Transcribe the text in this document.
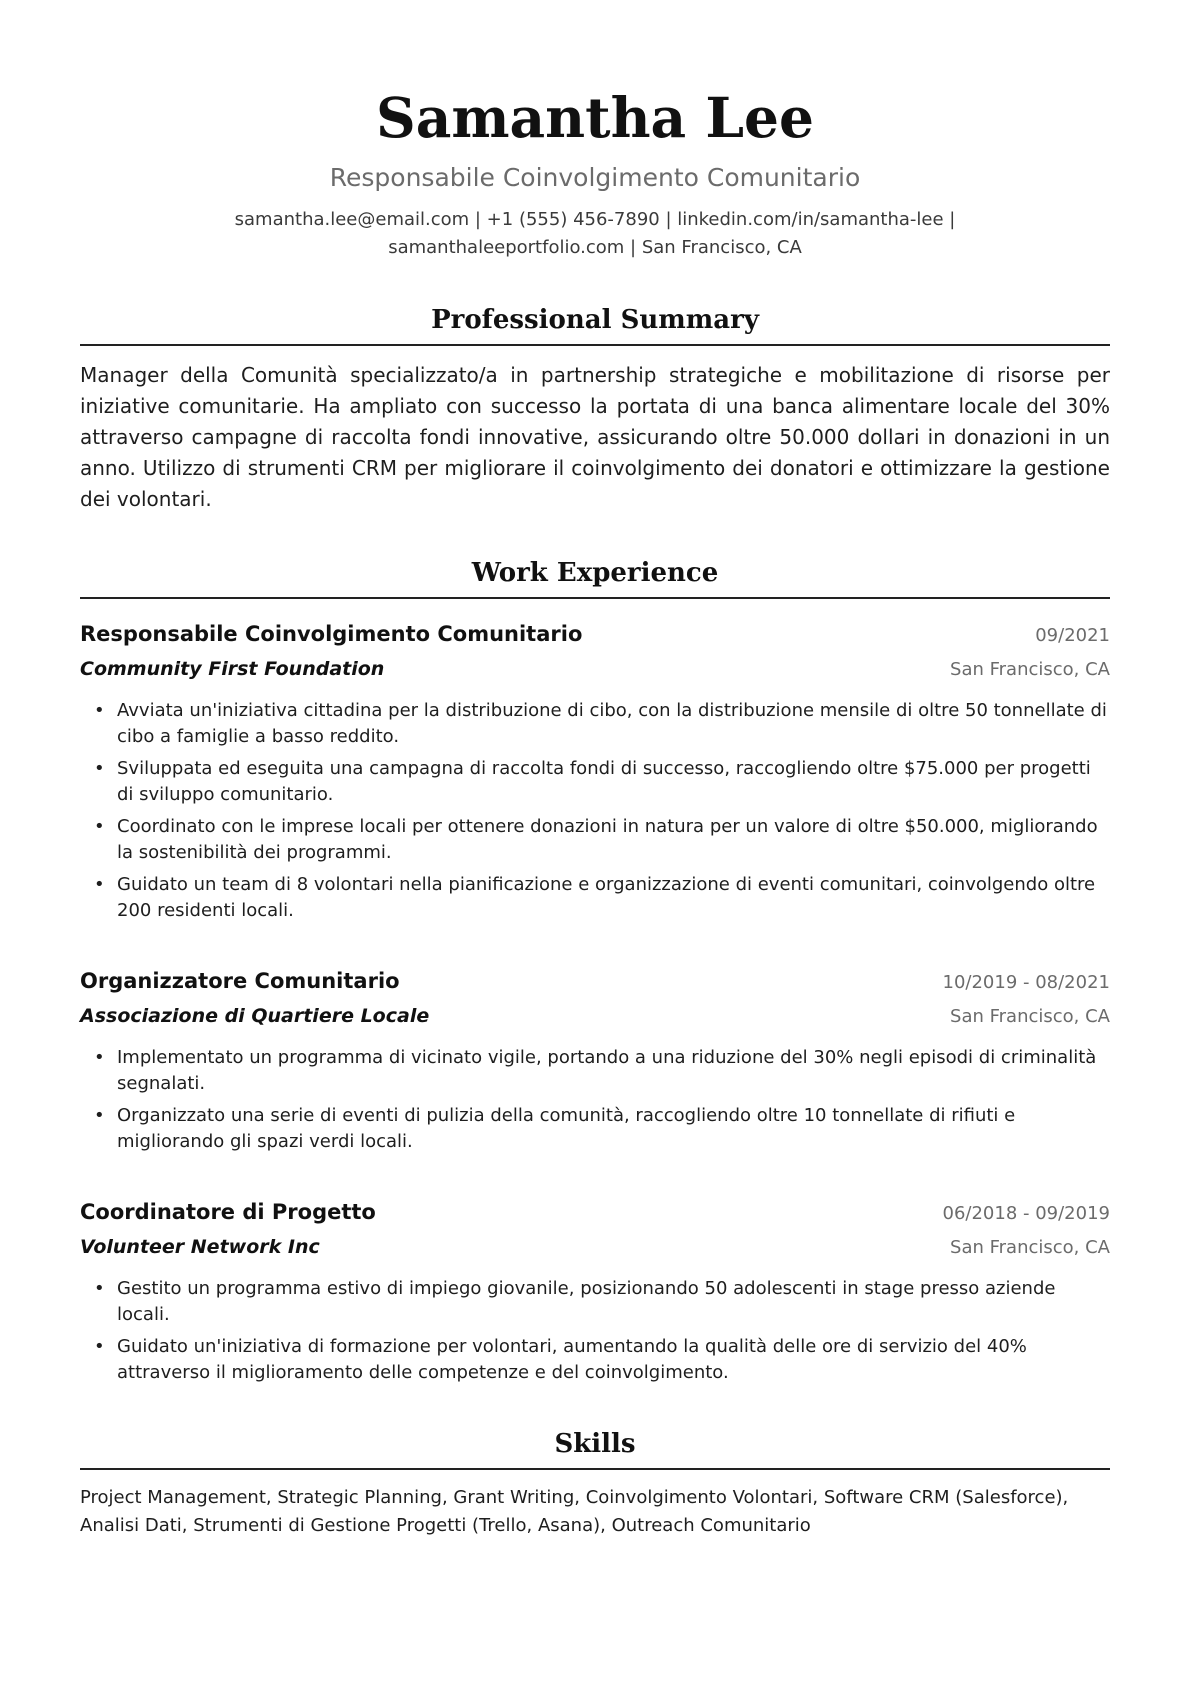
Samantha Lee
Responsabile Coinvolgimento Comunitario
samantha.lee@email.com | +1 (555) 456-7890 | linkedin.com/in/samantha-lee | samanthaleeportfolio.com | San Francisco, CA
Professional Summary

Manager della Comunità specializzato/a in partnership strategiche e mobilitazione di risorse per iniziative comunitarie. Ha ampliato con successo la portata di una banca alimentare locale del 30% attraverso campagne di raccolta fondi innovative, assicurando oltre 50.000 dollari in donazioni in un anno. Utilizzo di strumenti CRM per migliorare il coinvolgimento dei donatori e ottimizzare la gestione dei volontari.

Work Experience
Responsabile Coinvolgimento Comunitario	09/2021
Community First Foundation	San Francisco, CA
• Avviata un'iniziativa cittadina per la distribuzione di cibo, con la distribuzione mensile di oltre 50 tonnellate di cibo a famiglie a basso reddito.
• Sviluppata ed eseguita una campagna di raccolta fondi di successo, raccogliendo oltre $75.000 per progetti di sviluppo comunitario.
• Coordinato con le imprese locali per ottenere donazioni in natura per un valore di oltre $50.000, migliorando la sostenibilità dei programmi.
• Guidato un team di 8 volontari nella pianificazione e organizzazione di eventi comunitari, coinvolgendo oltre 200 residenti locali.
Organizzatore Comunitario	10/2019 - 08/2021
Associazione di Quartiere Locale	San Francisco, CA
• Implementato un programma di vicinato vigile, portando a una riduzione del 30% negli episodi di criminalità segnalati.
• Organizzato una serie di eventi di pulizia della comunità, raccogliendo oltre 10 tonnellate di rifiuti e migliorando gli spazi verdi locali.
Coordinatore di Progetto	06/2018 - 09/2019
Volunteer Network Inc	San Francisco, CA
• Gestito un programma estivo di impiego giovanile, posizionando 50 adolescenti in stage presso aziende locali.
• Guidato un'iniziativa di formazione per volontari, aumentando la qualità delle ore di servizio del 40% attraverso il miglioramento delle competenze e del coinvolgimento.
Skills

Project Management, Strategic Planning, Grant Writing, Coinvolgimento Volontari, Software CRM (Salesforce), Analisi Dati, Strumenti di Gestione Progetti (Trello, Asana), Outreach Comunitario
